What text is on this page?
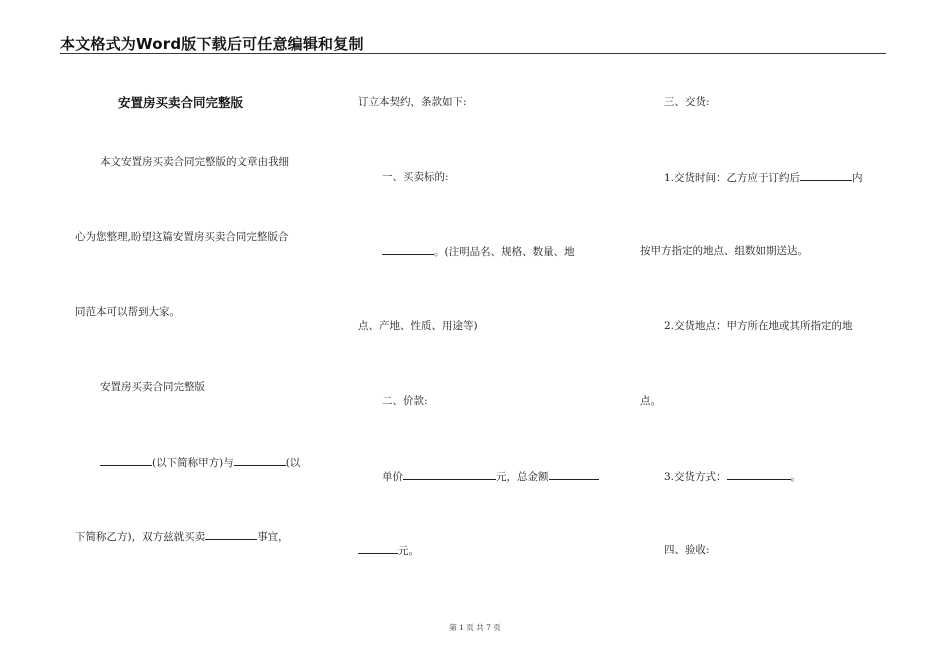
本文格式为Word版下载后可任意编辑和复制
安置房买卖合同完整版
本文安置房买卖合同完整版的文章由我细
心为您整理,盼望这篇安置房买卖合同完整版合
同范本可以帮到大家。
安置房买卖合同完整版
(以下简称甲方)与	(以
下简称乙方)，双方兹就买卖	事宜，
订立本契约，条款如下:
一、买卖标的:
。(注明品名、规格、数量、地
点、产地、性质、用途等)
二、价款:
单价	元，总金额
元。
三、交货:
1.交货时间：乙方应于订约后	内
按甲方指定的地点、组数如期送达。
2.交货地点：甲方所在地或其所指定的地
点。
3.交货方式：	。
四、验收:
第 1 页 共 7 页
